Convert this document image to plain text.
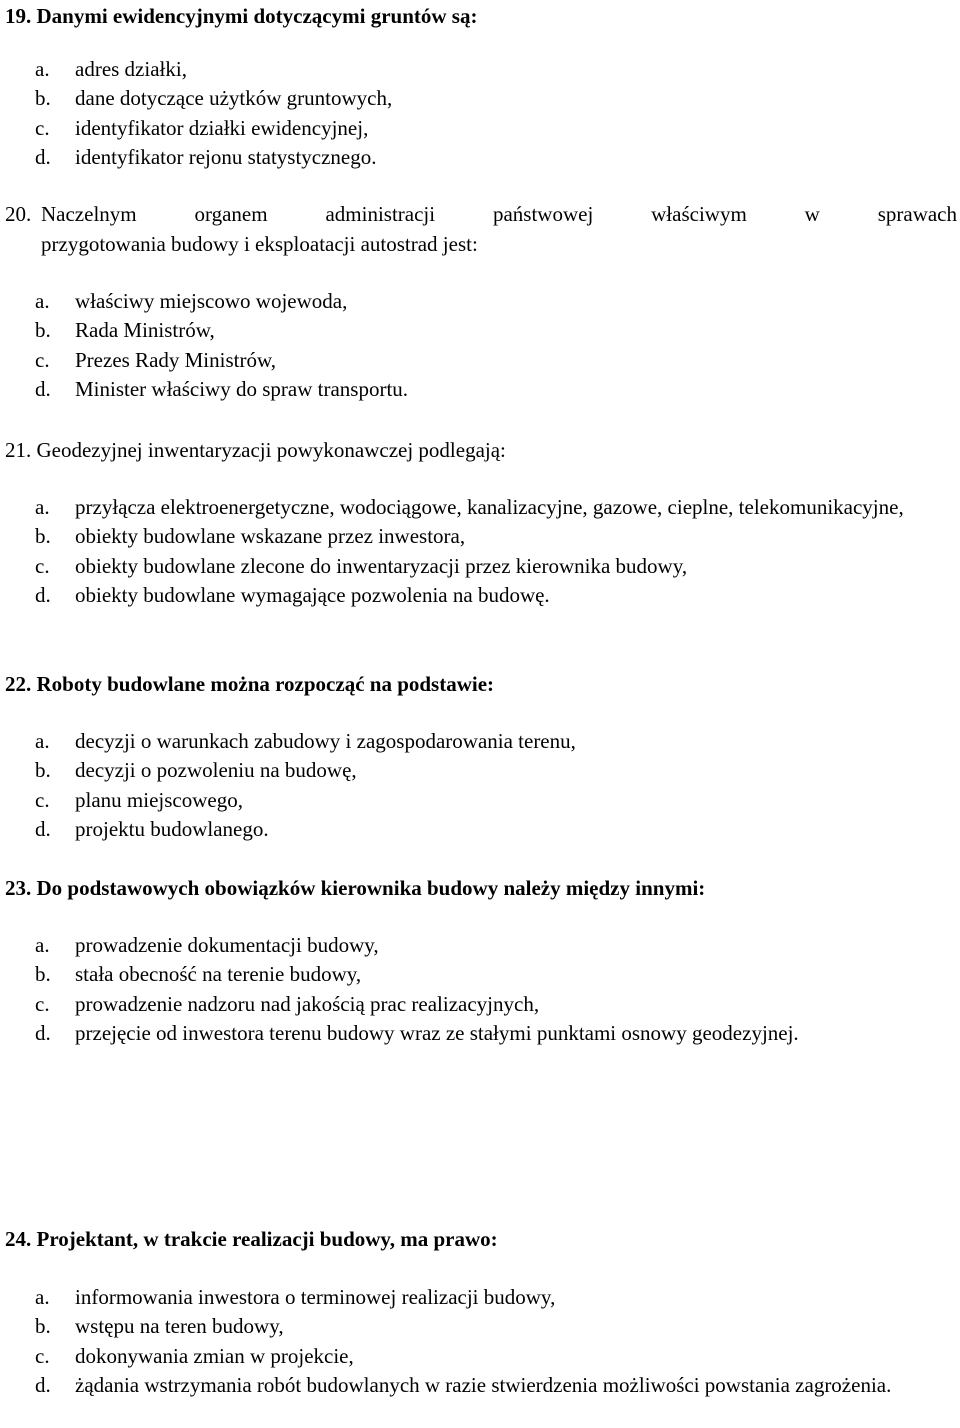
19. Danymi ewidencyjnymi dotyczącymi gruntów są:
a. adres działki,
b. dane dotyczące użytków gruntowych,
c. identyfikator działki ewidencyjnej,
d. identyfikator rejonu statystycznego.
20. Naczelnym organem administracji państwowej właściwym w sprawach
przygotowania budowy i eksploatacji autostrad jest:
a. właściwy miejscowo wojewoda,
b. Rada Ministrów,
c. Prezes Rady Ministrów,
d. Minister właściwy do spraw transportu.
21. Geodezyjnej inwentaryzacji powykonawczej podlegają:
a. przyłącza elektroenergetyczne, wodociągowe, kanalizacyjne, gazowe, cieplne, telekomunikacyjne,
b. obiekty budowlane wskazane przez inwestora,
c. obiekty budowlane zlecone do inwentaryzacji przez kierownika budowy,
d. obiekty budowlane wymagające pozwolenia na budowę.
22. Roboty budowlane można rozpocząć na podstawie:
a. decyzji o warunkach zabudowy i zagospodarowania terenu,
b. decyzji o pozwoleniu na budowę,
c. planu miejscowego,
d. projektu budowlanego.
23. Do podstawowych obowiązków kierownika budowy należy między innymi:
a. prowadzenie dokumentacji budowy,
b. stała obecność na terenie budowy,
c. prowadzenie nadzoru nad jakością prac realizacyjnych,
d. przejęcie od inwestora terenu budowy wraz ze stałymi punktami osnowy geodezyjnej.
24. Projektant, w trakcie realizacji budowy, ma prawo:
a. informowania inwestora o terminowej realizacji budowy,
b. wstępu na teren budowy,
c. dokonywania zmian w projekcie,
d. żądania wstrzymania robót budowlanych w razie stwierdzenia możliwości powstania zagrożenia.
